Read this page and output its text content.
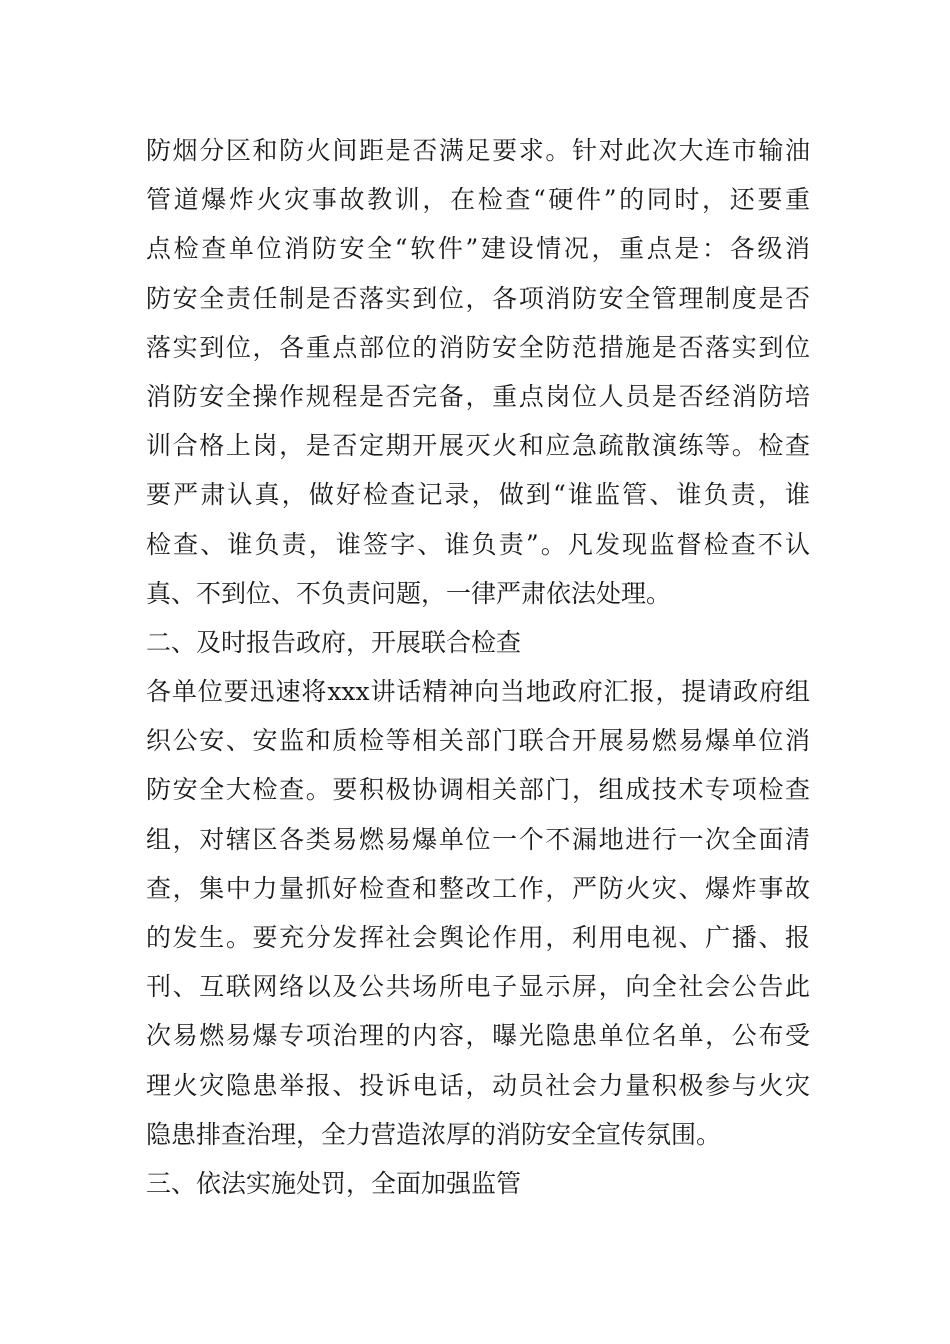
防烟分区和防火间距是否满足要求。针对此次大连市输油
管道爆炸火灾事故教训，在检查“硬件”的同时，还要重
点检查单位消防安全“软件”建设情况，重点是：各级消
防安全责任制是否落实到位，各项消防安全管理制度是否
落实到位，各重点部位的消防安全防范措施是否落实到位
消防安全操作规程是否完备，重点岗位人员是否经消防培
训合格上岗，是否定期开展灭火和应急疏散演练等。检查
要严肃认真，做好检查记录，做到“谁监管、谁负责，谁
检查、谁负责，谁签字、谁负责”。凡发现监督检查不认
真、不到位、不负责问题，一律严肃依法处理。
二、及时报告政府，开展联合检查
各单位要迅速将xxx讲话精神向当地政府汇报，提请政府组
织公安、安监和质检等相关部门联合开展易燃易爆单位消
防安全大检查。要积极协调相关部门，组成技术专项检查
组，对辖区各类易燃易爆单位一个不漏地进行一次全面清
查，集中力量抓好检查和整改工作，严防火灾、爆炸事故
的发生。要充分发挥社会舆论作用，利用电视、广播、报
刊、互联网络以及公共场所电子显示屏，向全社会公告此
次易燃易爆专项治理的内容，曝光隐患单位名单，公布受
理火灾隐患举报、投诉电话，动员社会力量积极参与火灾
隐患排查治理，全力营造浓厚的消防安全宣传氛围。
三、依法实施处罚，全面加强监管
